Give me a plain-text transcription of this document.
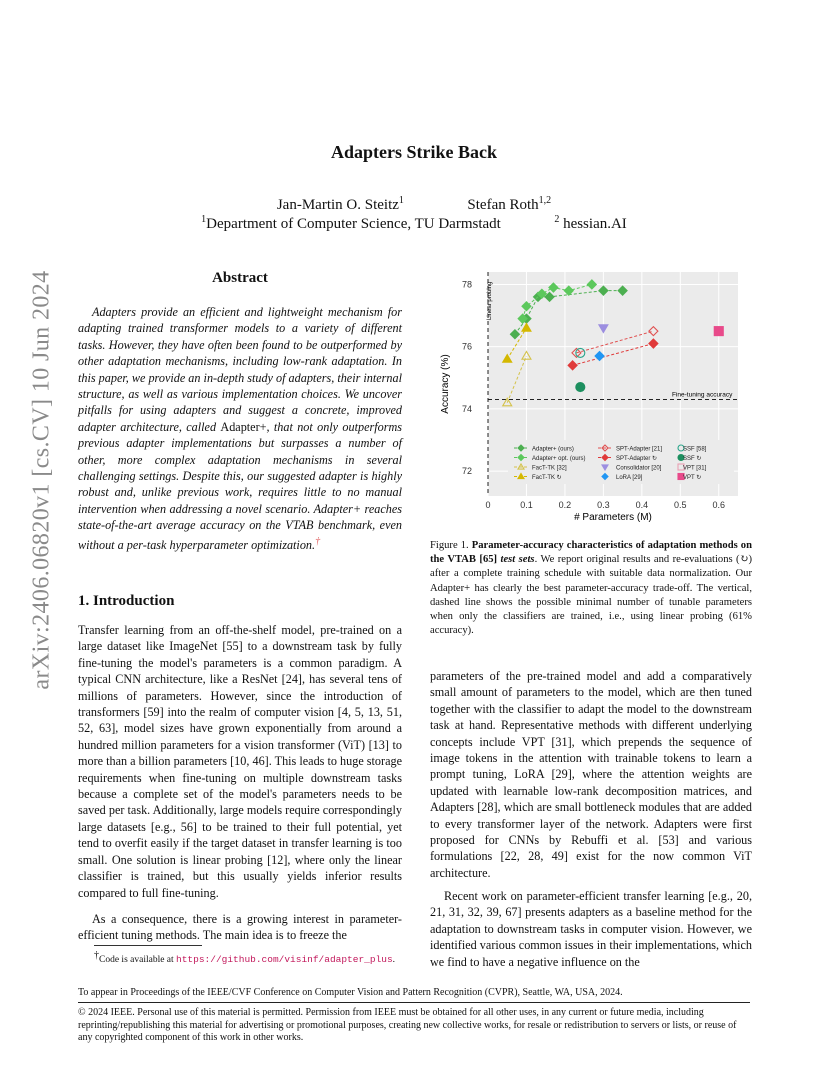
arXiv:2406.06820v1 [cs.CV] 10 Jun 2024
Adapters Strike Back
Jan-Martin O. Steitz$^1$	Stefan Roth$^{1,2}$
$^1$Department of Computer Science, TU Darmstadt	$^2$ hessian.AI
Abstract
Adapters provide an efficient and lightweight mechanism for adapting trained transformer models to a variety of different tasks. However, they have often been found to be outperformed by other adaptation mechanisms, including low-rank adaptation. In this paper, we provide an in-depth study of adapters, their internal structure, as well as various implementation choices. We uncover pitfalls for using adapters and suggest a concrete, improved adapter architecture, called Adapter+, that not only outperforms previous adapter implementations but surpasses a number of other, more complex adaptation mechanisms in several challenging settings. Despite this, our suggested adapter is highly robust and, unlike previous work, requires little to no manual intervention when addressing a novel scenario. Adapter+ reaches state-of-the-art average accuracy on the VTAB benchmark, even without a per-task hyperparameter optimization.†
1. Introduction
Transfer learning from an off-the-shelf model, pre-trained on a large dataset like ImageNet [55] to a downstream task by fully fine-tuning the model's parameters is a common paradigm. A typical CNN architecture, like a ResNet [24], has several tens of millions of parameters. However, since the introduction of transformers [59] into the realm of computer vision [4, 5, 13, 51, 52, 63], model sizes have grown exponentially from around a hundred million parameters for a vision transformer (ViT) [13] to more than a billion parameters [10, 46]. This leads to huge storage requirements when fine-tuning on multiple downstream tasks because a complete set of the model's parameters needs to be saved per task. Additionally, large models require correspondingly large datasets [e.g., 56] to be trained to their full potential, yet tend to overfit easily if the target dataset in transfer learning is too small. One solution is linear probing [12], where only the linear classifier is trained, but this usually yields inferior results compared to full fine-tuning.
As a consequence, there is a growing interest in parameter-efficient tuning methods. The main idea is to freeze the
†Code is available at https://github.com/visinf/adapter_plus.
0	0.1	0.2	0.3	0.4	0.5	0.6
72
74
76
78
# Parameters (M)
Accuracy (%)
Linear probing
Fine-tuning accuracy
Adapter+ (ours)
Adapter+ opt. (ours)
FacT-TK [32]
FacT-TK ↻
SPT-Adapter [21]
SPT-Adapter ↻
Consolidator [20]
LoRA [29]
SSF [58]
SSF ↻
VPT [31]
VPT ↻
Figure 1. Parameter-accuracy characteristics of adaptation methods on the VTAB [65] test sets. We report original results and re-evaluations (↻) after a complete training schedule with suitable data normalization. Our Adapter+ has clearly the best parameter-accuracy trade-off. The vertical, dashed line shows the possible minimal number of tunable parameters when only the classifiers are trained, i.e., using linear probing (61% accuracy).
parameters of the pre-trained model and add a comparatively small amount of parameters to the model, which are then tuned together with the classifier to adapt the model to the downstream task at hand. Representative methods with different underlying concepts include VPT [31], which prepends the sequence of image tokens in the attention with trainable tokens to learn a prompt tuning, LoRA [29], where the attention weights are updated with learnable low-rank decomposition matrices, and Adapters [28], which are small bottleneck modules that are added to every transformer layer of the network. Adapters were first proposed for CNNs by Rebuffi et al. [53] and various formulations [22, 28, 49] exist for the now common ViT architecture.
Recent work on parameter-efficient transfer learning [e.g., 20, 21, 31, 32, 39, 67] presents adapters as a baseline method for the adaptation to downstream tasks in computer vision. However, we identified various common issues in their implementations, which we find to have a negative influence on the
To appear in Proceedings of the IEEE/CVF Conference on Computer Vision and Pattern Recognition (CVPR), Seattle, WA, USA, 2024.
© 2024 IEEE. Personal use of this material is permitted. Permission from IEEE must be obtained for all other uses, in any current or future media, including reprinting/republishing this material for advertising or promotional purposes, creating new collective works, for resale or redistribution to servers or lists, or reuse of any copyrighted component of this work in other works.
